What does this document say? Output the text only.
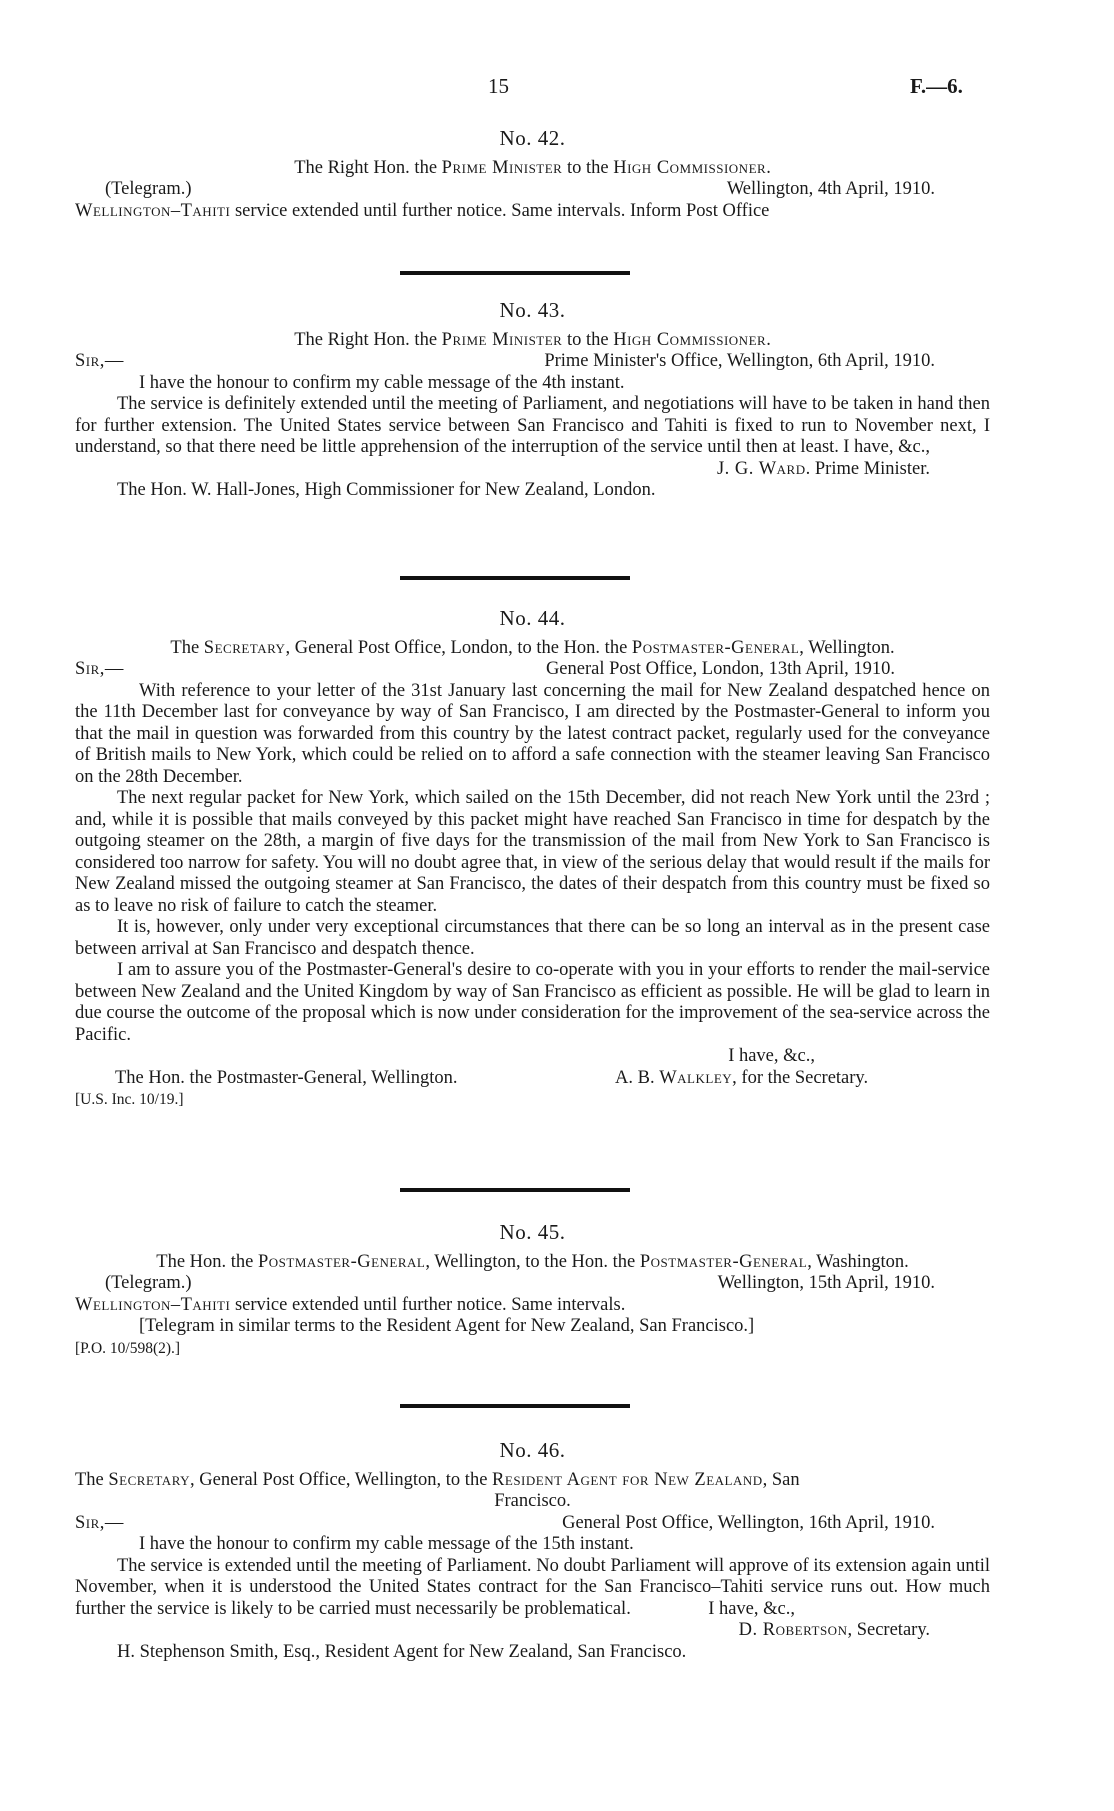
15	F.—6.
No. 42.
The Right Hon. the Prime Minister to the High Commissioner.
(Telegram.)	Wellington, 4th April, 1910.

Wellington–Tahiti service extended until further notice. Same intervals. Inform Post Office

No. 43.
The Right Hon. the Prime Minister to the High Commissioner.
Sir,—	Prime Minister's Office, Wellington, 6th April, 1910.

I have the honour to confirm my cable message of the 4th instant.

The service is definitely extended until the meeting of Parliament, and negotiations will have to be taken in hand then for further extension. The United States service between San Francisco and Tahiti is fixed to run to November next, I understand, so that there need be little apprehension of the interruption of the service until then at least. I have, &c.,
J. G. Ward. Prime Minister.

The Hon. W. Hall-Jones, High Commissioner for New Zealand, London.

No. 44.
The Secretary, General Post Office, London, to the Hon. the Postmaster-General, Wellington.
Sir,—	General Post Office, London, 13th April, 1910.

With reference to your letter of the 31st January last concerning the mail for New Zealand despatched hence on the 11th December last for conveyance by way of San Francisco, I am directed by the Postmaster-General to inform you that the mail in question was forwarded from this country by the latest contract packet, regularly used for the conveyance of British mails to New York, which could be relied on to afford a safe connection with the steamer leaving San Francisco on the 28th December.

The next regular packet for New York, which sailed on the 15th December, did not reach New York until the 23rd ; and, while it is possible that mails conveyed by this packet might have reached San Francisco in time for despatch by the outgoing steamer on the 28th, a margin of five days for the transmission of the mail from New York to San Francisco is considered too narrow for safety. You will no doubt agree that, in view of the serious delay that would result if the mails for New Zealand missed the outgoing steamer at San Francisco, the dates of their despatch from this country must be fixed so as to leave no risk of failure to catch the steamer.

It is, however, only under very exceptional circumstances that there can be so long an interval as in the present case between arrival at San Francisco and despatch thence.

I am to assure you of the Postmaster-General's desire to co-operate with you in your efforts to render the mail-service between New Zealand and the United Kingdom by way of San Francisco as efficient as possible. He will be glad to learn in due course the outcome of the proposal which is now under consideration for the improvement of the sea-service across the Pacific.

I have, &c.,
The Hon. the Postmaster-General, Wellington.	A. B. Walkley, for the Secretary.
[U.S. Inc. 10/19.]
No. 45.
The Hon. the Postmaster-General, Wellington, to the Hon. the Postmaster-General, Washington.
(Telegram.)	Wellington, 15th April, 1910.

Wellington–Tahiti service extended until further notice. Same intervals.

[Telegram in similar terms to the Resident Agent for New Zealand, San Francisco.]

[P.O. 10/598(2).]
No. 46.
The Secretary, General Post Office, Wellington, to the Resident Agent for New Zealand, San
Francisco.
Sir,—	General Post Office, Wellington, 16th April, 1910.

I have the honour to confirm my cable message of the 15th instant.

The service is extended until the meeting of Parliament. No doubt Parliament will approve of its extension again until November, when it is understood the United States contract for the San Francisco–Tahiti service runs out. How much further the service is likely to be carried must necessarily be problematical.	I have, &c.,
D. Robertson, Secretary.

H. Stephenson Smith, Esq., Resident Agent for New Zealand, San Francisco.
